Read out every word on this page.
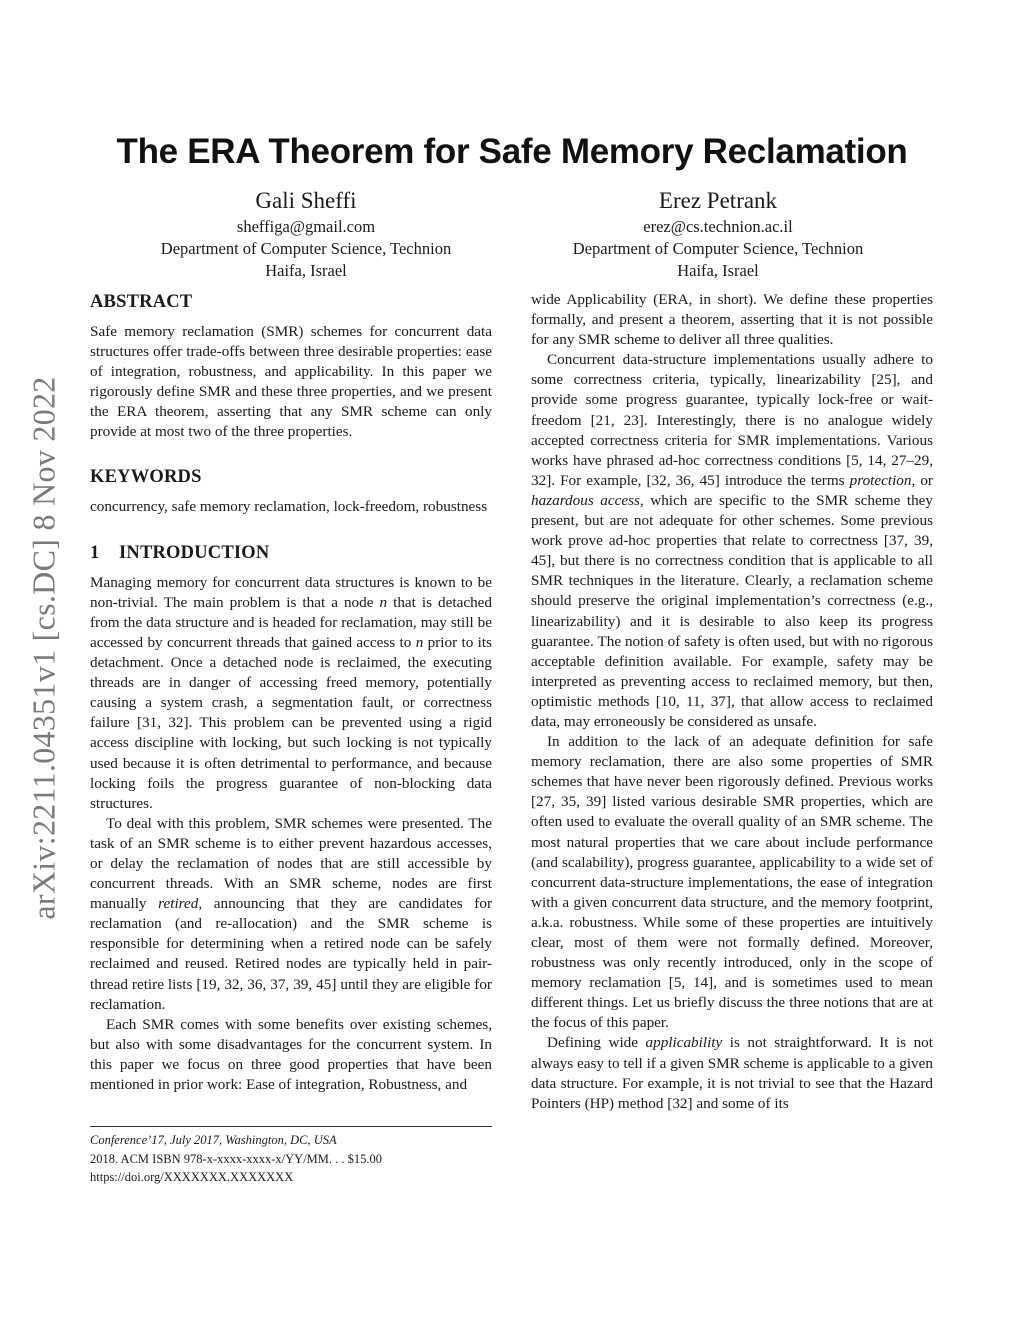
arXiv:2211.04351v1 [cs.DC] 8 Nov 2022
The ERA Theorem for Safe Memory Reclamation
Gali Sheffi
sheffiga@gmail.com
Department of Computer Science, Technion
Haifa, Israel
Erez Petrank
erez@cs.technion.ac.il
Department of Computer Science, Technion
Haifa, Israel
ABSTRACT

Safe memory reclamation (SMR) schemes for concurrent data structures offer trade-offs between three desirable properties: ease of integration, robustness, and applicability. In this paper we rigorously define SMR and these three properties, and we present the ERA theorem, asserting that any SMR scheme can only provide at most two of the three properties.

KEYWORDS

concurrency, safe memory reclamation, lock-freedom, robustness

1 INTRODUCTION

Managing memory for concurrent data structures is known to be non-trivial. The main problem is that a node n that is detached from the data structure and is headed for reclamation, may still be accessed by concurrent threads that gained access to n prior to its detachment. Once a detached node is reclaimed, the executing threads are in danger of accessing freed memory, potentially causing a system crash, a segmentation fault, or correctness failure [31, 32]. This problem can be prevented using a rigid access discipline with locking, but such locking is not typically used because it is often detrimental to performance, and because locking foils the progress guarantee of non-blocking data structures.

To deal with this problem, SMR schemes were presented. The task of an SMR scheme is to either prevent hazardous accesses, or delay the reclamation of nodes that are still accessible by concurrent threads. With an SMR scheme, nodes are first manually retired, announcing that they are candidates for reclamation (and re-allocation) and the SMR scheme is responsible for determining when a retired node can be safely reclaimed and reused. Retired nodes are typically held in pair-thread retire lists [19, 32, 36, 37, 39, 45] until they are eligible for reclamation.

Each SMR comes with some benefits over existing schemes, but also with some disadvantages for the concurrent system. In this paper we focus on three good properties that have been mentioned in prior work: Ease of integration, Robustness, and

wide Applicability (ERA, in short). We define these properties formally, and present a theorem, asserting that it is not possible for any SMR scheme to deliver all three qualities.

Concurrent data-structure implementations usually adhere to some correctness criteria, typically, linearizability [25], and provide some progress guarantee, typically lock-free or wait-freedom [21, 23]. Interestingly, there is no analogue widely accepted correctness criteria for SMR implementations. Various works have phrased ad-hoc correctness conditions [5, 14, 27–29, 32]. For example, [32, 36, 45] introduce the terms protection, or hazardous access, which are specific to the SMR scheme they present, but are not adequate for other schemes. Some previous work prove ad-hoc properties that relate to correctness [37, 39, 45], but there is no correctness condition that is applicable to all SMR techniques in the literature. Clearly, a reclamation scheme should preserve the original implementation’s correctness (e.g., linearizability) and it is desirable to also keep its progress guarantee. The notion of safety is often used, but with no rigorous acceptable definition available. For example, safety may be interpreted as preventing access to reclaimed memory, but then, optimistic methods [10, 11, 37], that allow access to reclaimed data, may erroneously be considered as unsafe.

In addition to the lack of an adequate definition for safe memory reclamation, there are also some properties of SMR schemes that have never been rigorously defined. Previous works [27, 35, 39] listed various desirable SMR properties, which are often used to evaluate the overall quality of an SMR scheme. The most natural properties that we care about include performance (and scalability), progress guarantee, applicability to a wide set of concurrent data-structure implementations, the ease of integration with a given concurrent data structure, and the memory footprint, a.k.a. robustness. While some of these properties are intuitively clear, most of them were not formally defined. Moreover, robustness was only recently introduced, only in the scope of memory reclamation [5, 14], and is sometimes used to mean different things. Let us briefly discuss the three notions that are at the focus of this paper.

Defining wide applicability is not straightforward. It is not always easy to tell if a given SMR scheme is applicable to a given data structure. For example, it is not trivial to see that the Hazard Pointers (HP) method [32] and some of its

Conference’17, July 2017, Washington, DC, USA
2018. ACM ISBN 978-x-xxxx-xxxx-x/YY/MM. . . $15.00
https://doi.org/XXXXXXX.XXXXXXX
